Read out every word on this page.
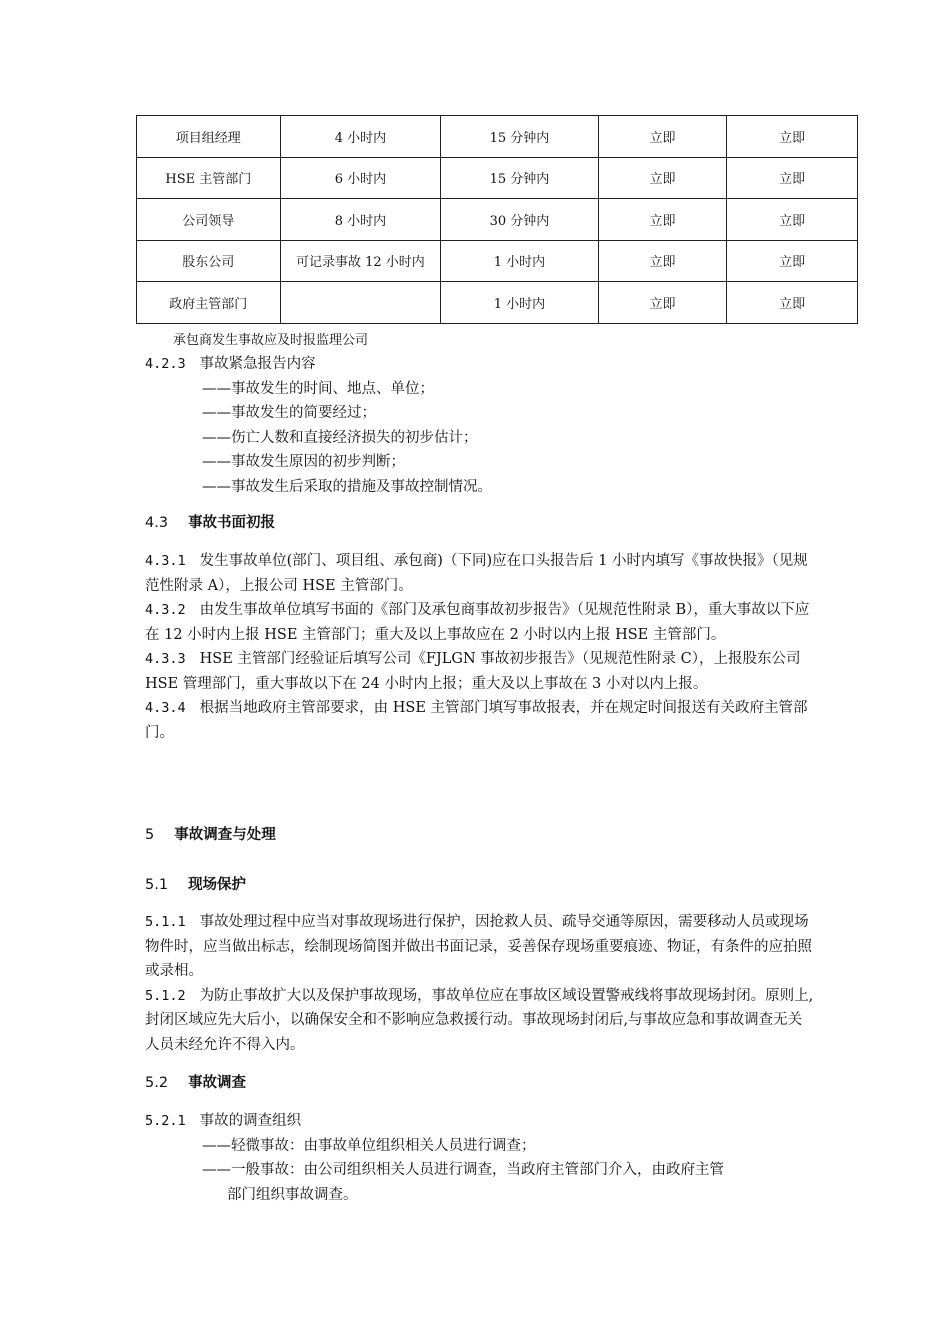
项目组经理	4 小时内	15 分钟内	立即	立即
HSE 主管部门	6 小时内	15 分钟内	立即	立即
公司领导	8 小时内	30 分钟内	立即	立即
股东公司	可记录事故 12 小时内	1 小时内	立即	立即
政府主管部门		1 小时内	立即	立即
承包商发生事故应及时报监理公司

4.2.3 事故紧急报告内容

——事故发生的时间、地点、单位；

——事故发生的简要经过；

——伤亡人数和直接经济损失的初步估计；

——事故发生原因的初步判断；

——事故发生后采取的措施及事故控制情况。

4.3 事故书面初报

4.3.1 发生事故单位(部门、项目组、承包商)（下同)应在口头报告后 1 小时内填写《事故快报》（见规范性附录 A），上报公司 HSE 主管部门。

4.3.2 由发生事故单位填写书面的《部门及承包商事故初步报告》（见规范性附录 B），重大事故以下应在 12 小时内上报 HSE 主管部门；重大及以上事故应在 2 小时以内上报 HSE 主管部门。

4.3.3 HSE 主管部门经验证后填写公司《FJLGN 事故初步报告》（见规范性附录 C），上报股东公司 HSE 管理部门，重大事故以下在 24 小时内上报；重大及以上事故在 3 小对以内上报。

4.3.4 根据当地政府主管部要求，由 HSE 主管部门填写事故报表，并在规定时间报送有关政府主管部门。

5 事故调查与处理
5.1 现场保护

5.1.1 事故处理过程中应当对事故现场进行保护，因抢救人员、疏导交通等原因，需要移动人员或现场物件时，应当做出标志，绘制现场简图并做出书面记录，妥善保存现场重要痕迹、物证，有条件的应拍照或录相。

5.1.2 为防止事故扩大以及保护事故现场，事故单位应在事故区域设置警戒线将事故现场封闭。原则上,封闭区域应先大后小，以确保安全和不影响应急救援行动。事故现场封闭后,与事故应急和事故调查无关人员未经允许不得入内。

5.2 事故调查

5.2.1 事故的调查组织

——轻微事故：由事故单位组织相关人员进行调查；

——一般事故：由公司组织相关人员进行调查，当政府主管部门介入，由政府主管

部门组织事故调查。
